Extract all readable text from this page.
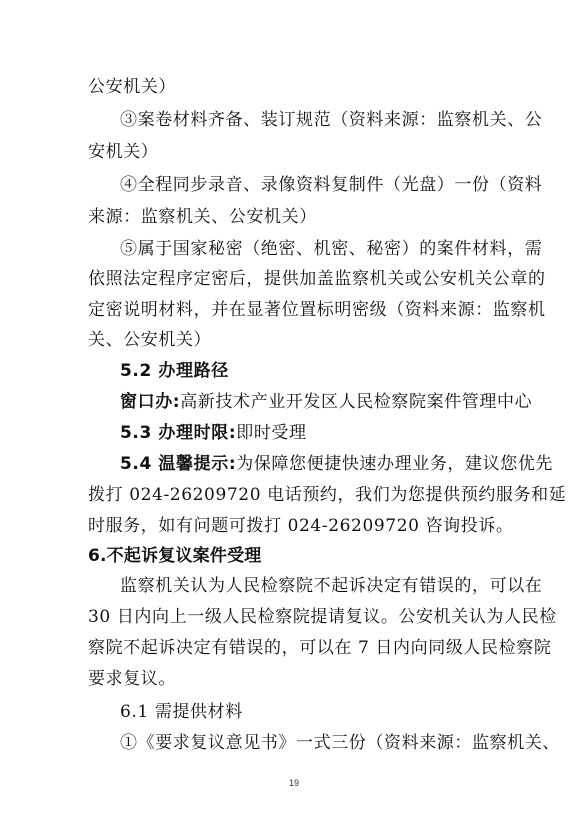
公安机关）
③案卷材料齐备、装订规范（资料来源：监察机关、公
安机关）
④全程同步录音、录像资料复制件（光盘）一份（资料
来源：监察机关、公安机关）
⑤属于国家秘密（绝密、机密、秘密）的案件材料，需
依照法定程序定密后，提供加盖监察机关或公安机关公章的
定密说明材料，并在显著位置标明密级（资料来源：监察机
关、公安机关）
5.2 办理路径
窗口办:高新技术产业开发区人民检察院案件管理中心
5.3 办理时限:即时受理
5.4 温馨提示:为保障您便捷快速办理业务，建议您优先
拨打 024-26209720 电话预约，我们为您提供预约服务和延
时服务，如有问题可拨打 024-26209720 咨询投诉。
6.不起诉复议案件受理
监察机关认为人民检察院不起诉决定有错误的，可以在
30 日内向上一级人民检察院提请复议。公安机关认为人民检
察院不起诉决定有错误的，可以在 7 日内向同级人民检察院
要求复议。
6.1 需提供材料
①《要求复议意见书》一式三份（资料来源：监察机关、
19
